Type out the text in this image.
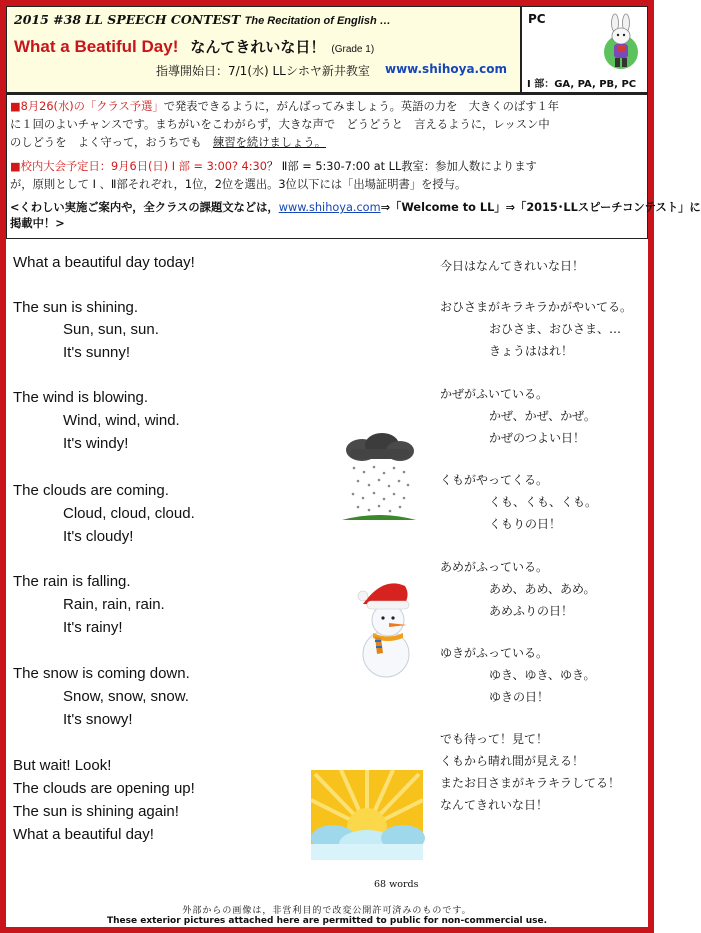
2015 #38 LL SPEECH CONTEST The Recitation of English …
What a Beatiful Day! なんてきれいな日！ (Grade 1)
指導開始日：7/1(水) LLシホヤ新井教室 www.shihoya.com
PC
I 部：GA, PA, PB, PC
■8月26(水)の「クラス予選」で発表できるように，がんばってみましょう。英語の力を　大きくのばす１年
に１回のよいチャンスです。まちがいをこわがらず，大きな声で　どうどうと　言えるように，レッスン中
のしどうを　よく守って，おうちでも　練習を続けましょう。
■校内大会予定日：9月6日(日) I 部 = 3:00? 4:30？ Ⅱ部 = 5:30-7:00 at LL教室：参加人数によります
が，原則として I 、Ⅱ部それぞれ，1位，2位を選出。3位以下には「出場証明書」を授与。
<くわしい実施ご案内や，全クラスの課題文などは，www.shihoya.com⇒「Welcome to LL」⇒「2015･LLスピーチコンテスト」に
掲載中！>
What a beautiful day today!
The sun is shining.
Sun, sun, sun.
It's sunny!
The wind is blowing.
Wind, wind, wind.
It's windy!
The clouds are coming.
Cloud, cloud, cloud.
It's cloudy!
The rain is falling.
Rain, rain, rain.
It's rainy!
The snow is coming down.
Snow, snow, snow.
It's snowy!
But wait! Look!
The clouds are opening up!
The sun is shining again!
What a beautiful day!
今日はなんてきれいな日！
おひさまがキラキラかがやいてる。
おひさま、おひさま、…
きょうははれ！
かぜがふいている。
かぜ、かぜ、かぜ。
かぜのつよい日！
くもがやってくる。
くも、くも、くも。
くもりの日！
あめがふっている。
あめ、あめ、あめ。
あめふりの日！
ゆきがふっている。
ゆき、ゆき、ゆき。
ゆきの日！
でも待って！見て！
くもから晴れ間が見える！
またお日さまがキラキラしてる！
なんてきれいな日！
68 words
外部からの画像は，非営利目的で改変公開許可済みのものです。
These exterior pictures attached here are permitted to public for non-commercial use.
